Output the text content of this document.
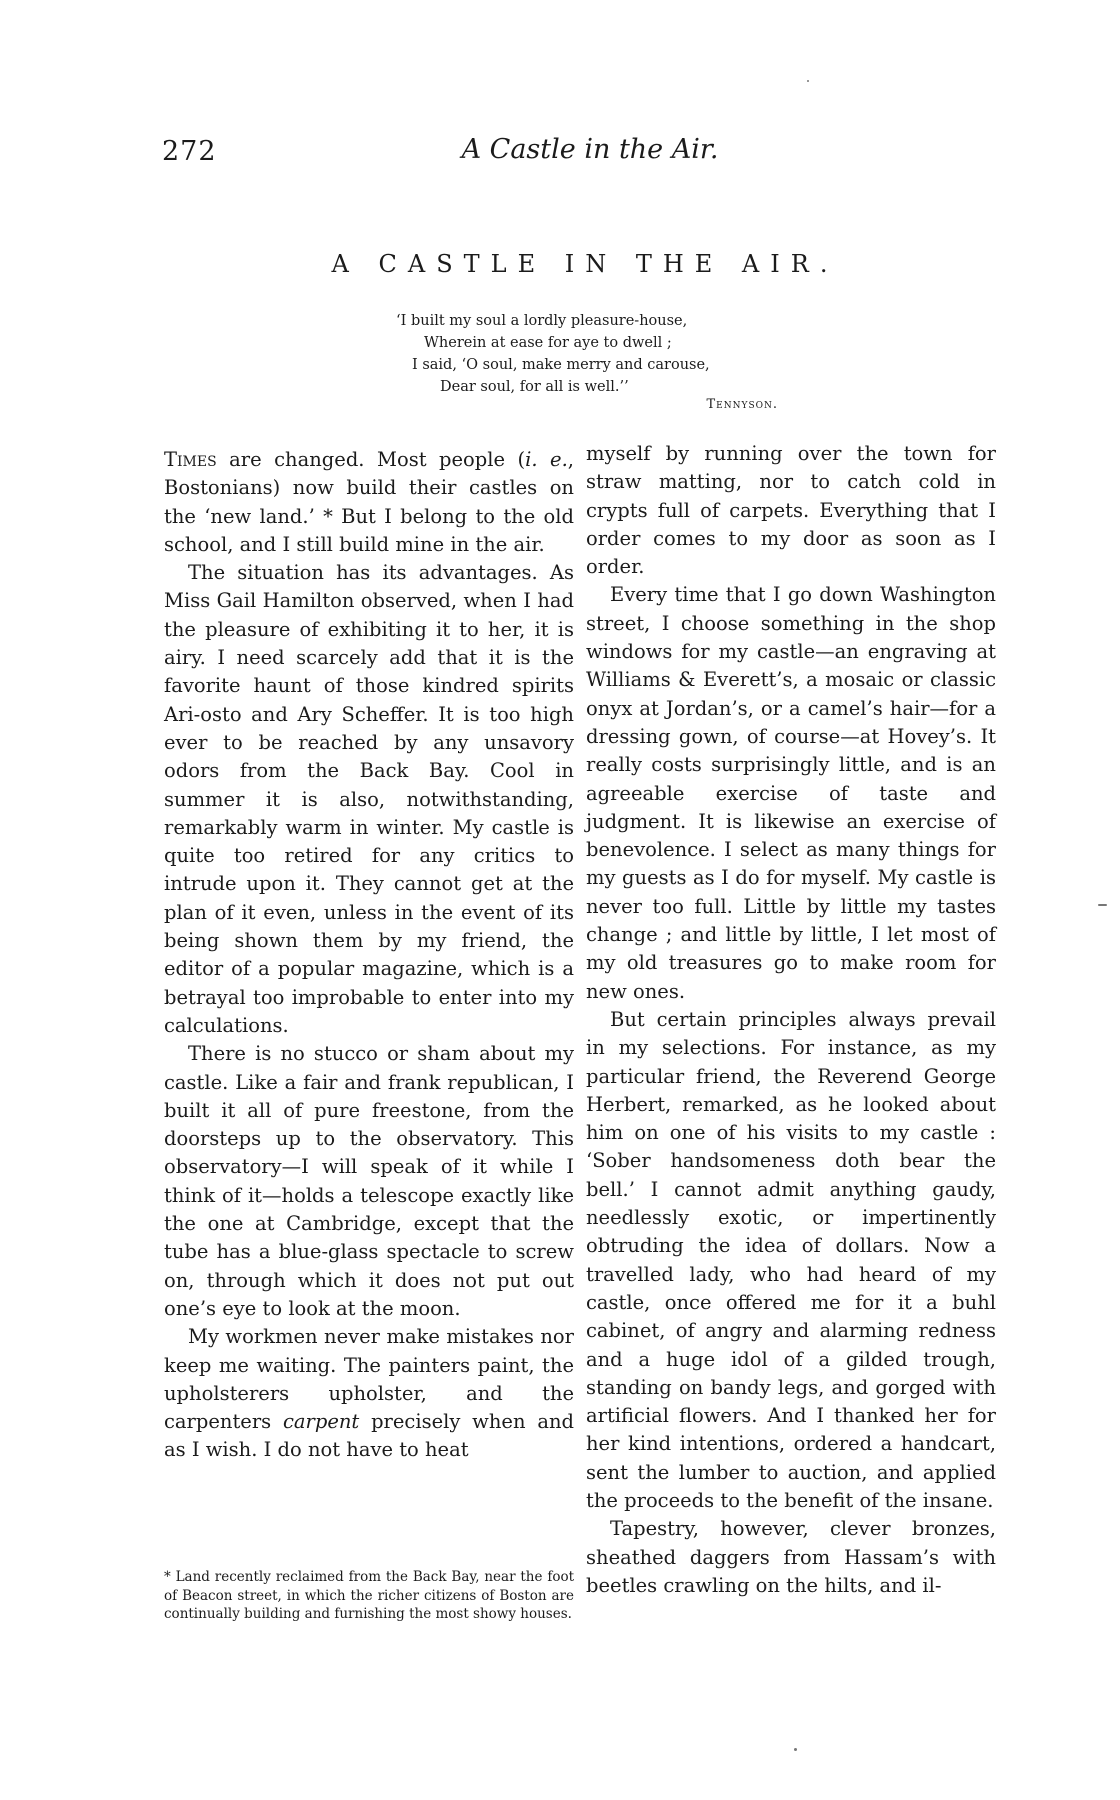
272	A Castle in the Air.
A CASTLE IN THE AIR.
‘I built my soul a lordly pleasure-house,
Wherein at ease for aye to dwell ;
I said, ‘O soul, make merry and carouse,
Dear soul, for all is well.’’
Tennyson.

Times are changed. Most people (i. e., Bostonians) now build their castles on the ‘new land.’ * But I belong to the old school, and I still build mine in the air.

The situation has its advantages. As Miss Gail Hamilton observed, when I had the pleasure of exhibiting it to her, it is airy. I need scarcely add that it is the favorite haunt of those kindred spirits Ari-osto and Ary Scheffer. It is too high ever to be reached by any unsavory odors from the Back Bay. Cool in summer it is also, notwithstanding, remarkably warm in winter. My castle is quite too retired for any critics to intrude upon it. They cannot get at the plan of it even, unless in the event of its being shown them by my friend, the editor of a popular magazine, which is a betrayal too improbable to enter into my calculations.

There is no stucco or sham about my castle. Like a fair and frank republican, I built it all of pure freestone, from the doorsteps up to the observatory. This observatory—I will speak of it while I think of it—holds a telescope exactly like the one at Cambridge, except that the tube has a blue-glass spectacle to screw on, through which it does not put out one’s eye to look at the moon.

My workmen never make mistakes nor keep me waiting. The painters paint, the upholsterers upholster, and the carpenters carpent precisely when and as I wish. I do not have to heat

* Land recently reclaimed from the Back Bay, near the foot of Beacon street, in which the richer citizens of Boston are continually building and furnishing the most showy houses.

myself by running over the town for straw matting, nor to catch cold in crypts full of carpets. Everything that I order comes to my door as soon as I order.

Every time that I go down Washington street, I choose something in the shop windows for my castle—an engraving at Williams & Everett’s, a mosaic or classic onyx at Jordan’s, or a camel’s hair—for a dressing gown, of course—at Hovey’s. It really costs surprisingly little, and is an agreeable exercise of taste and judgment. It is likewise an exercise of benevolence. I select as many things for my guests as I do for myself. My castle is never too full. Little by little my tastes change ; and little by little, I let most of my old treasures go to make room for new ones.

But certain principles always prevail in my selections. For instance, as my particular friend, the Reverend George Herbert, remarked, as he looked about him on one of his visits to my castle : ‘Sober handsomeness doth bear the bell.’ I cannot admit anything gaudy, needlessly exotic, or impertinently obtruding the idea of dollars. Now a travelled lady, who had heard of my castle, once offered me for it a buhl cabinet, of angry and alarming redness and a huge idol of a gilded trough, standing on bandy legs, and gorged with artificial flowers. And I thanked her for her kind intentions, ordered a handcart, sent the lumber to auction, and applied the proceeds to the benefit of the insane.

Tapestry, however, clever bronzes, sheathed daggers from Hassam’s with beetles crawling on the hilts, and il-
